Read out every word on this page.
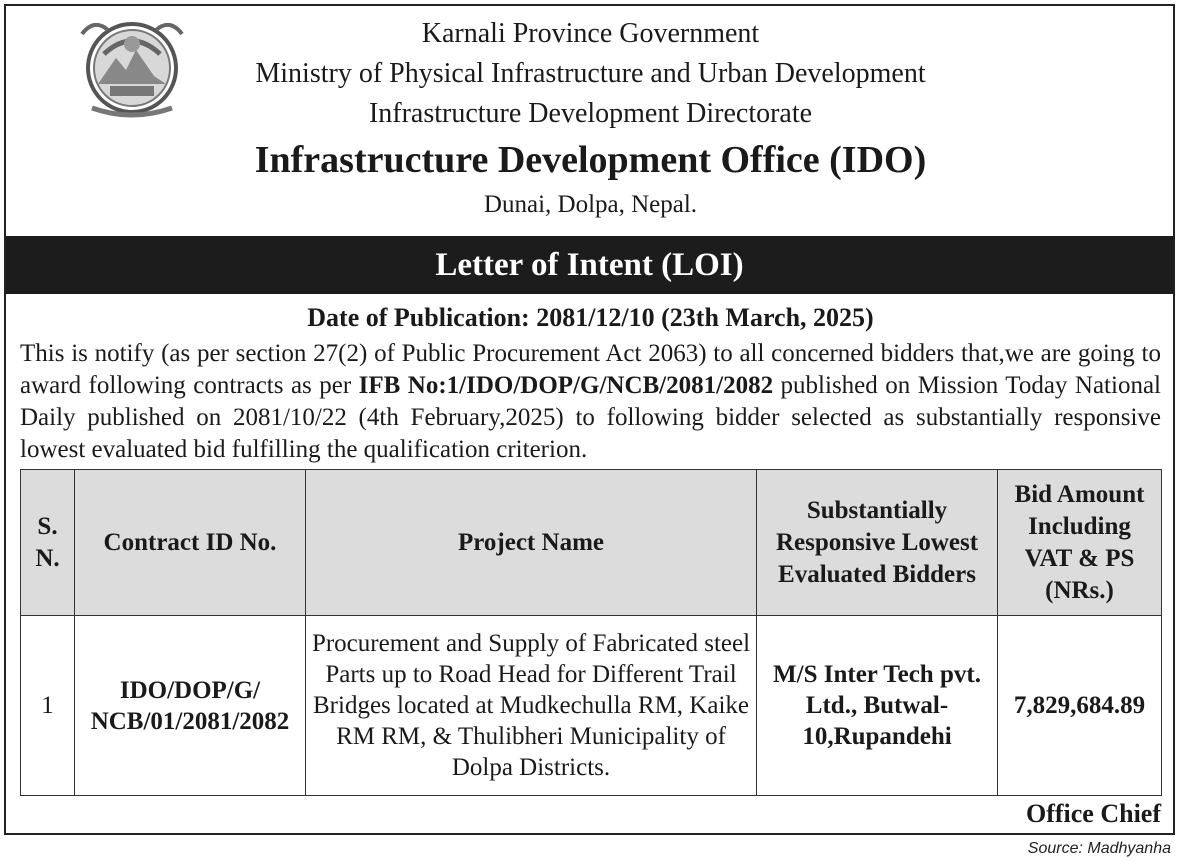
Karnali Province Government
Ministry of Physical Infrastructure and Urban Development
Infrastructure Development Directorate
Infrastructure Development Office (IDO)
Dunai, Dolpa, Nepal.
Letter of Intent (LOI)
Date of Publication: 2081/12/10 (23th March, 2025)
This is notify (as per section 27(2) of Public Procurement Act 2063) to all concerned bidders that,we are going to award following contracts as per IFB No:1/IDO/DOP/G/NCB/2081/2082 published on Mission Today National Daily published on 2081/10/22 (4th February,2025) to following bidder selected as substantially responsive lowest evaluated bid fulfilling the qualification criterion.
S. N.	Contract ID No.	Project Name	Substantially Responsive Lowest Evaluated Bidders	Bid Amount Including VAT & PS (NRs.)
1	IDO/DOP/G/ NCB/01/2081/2082	Procurement and Supply of Fabricated steel Parts up to Road Head for Different Trail Bridges located at Mudkechulla RM, Kaike RM RM, & Thulibheri Municipality of Dolpa Districts.	M/S Inter Tech pvt. Ltd., Butwal-10,Rupandehi	7,829,684.89
Office Chief
Source: Madhyanha
